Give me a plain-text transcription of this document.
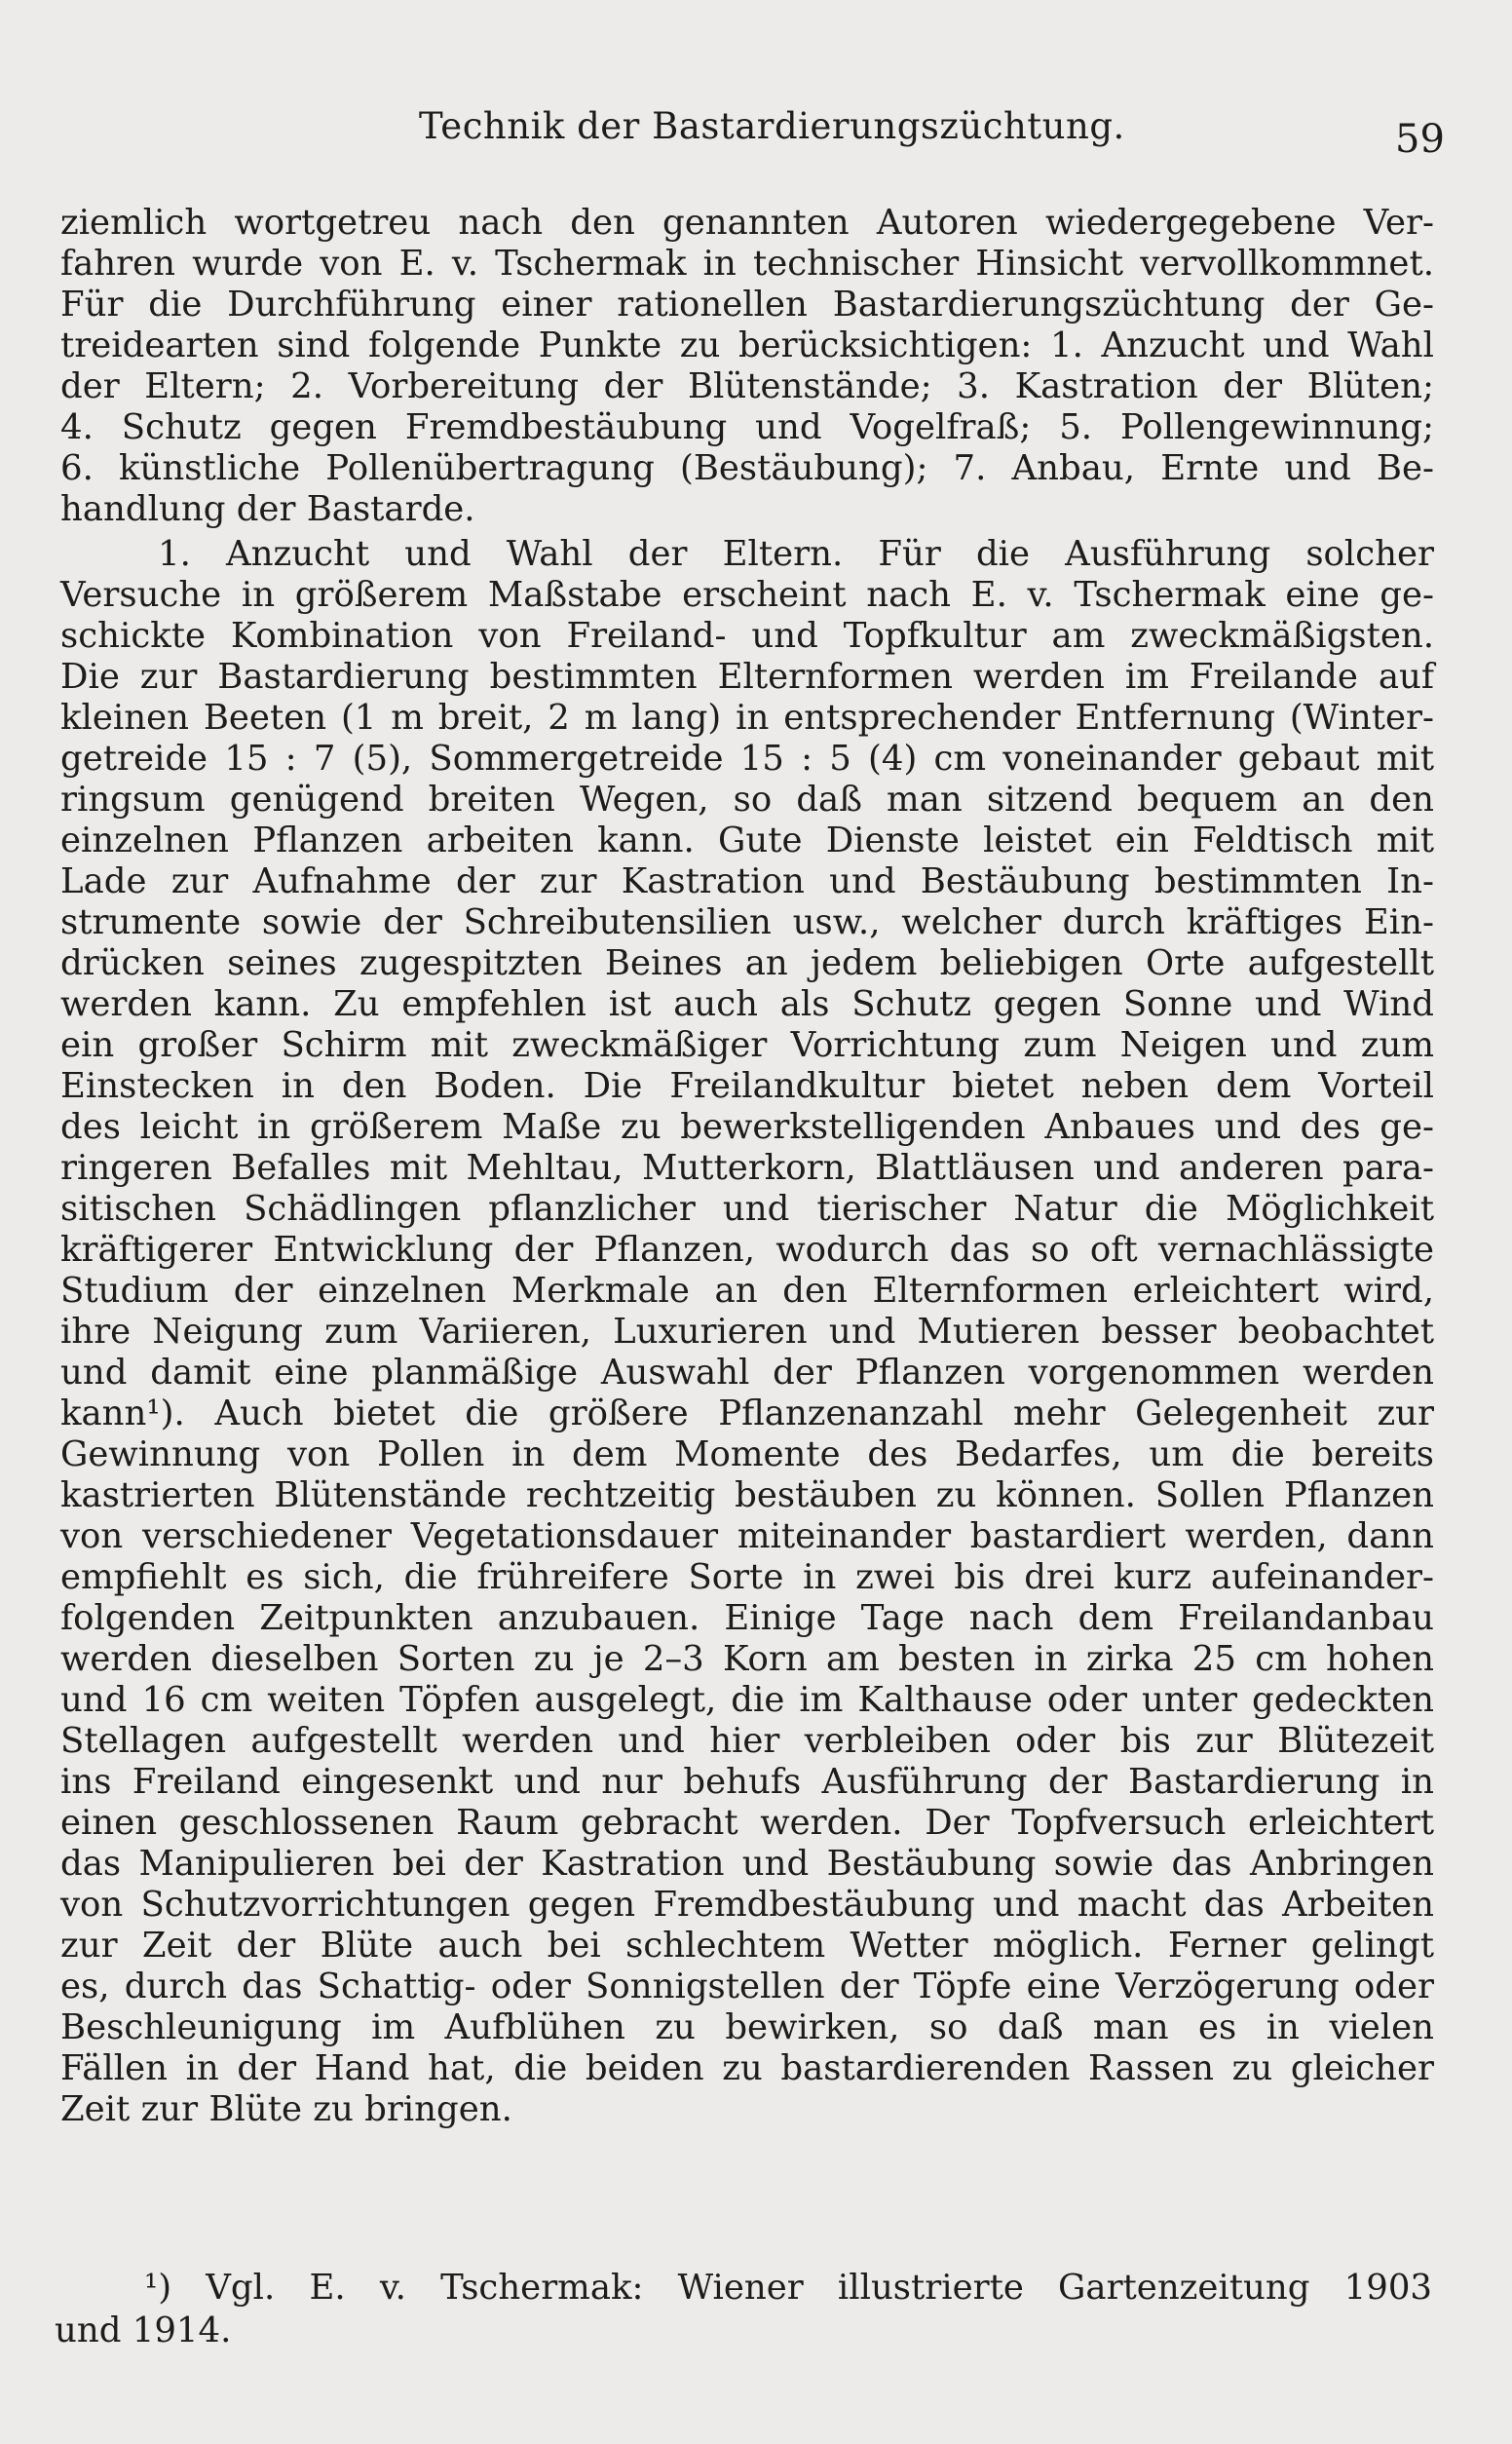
Technik der Bastardierungszüchtung.	59
ziemlich wortgetreu nach den genannten Autoren wiedergegebene Ver-
fahren wurde von E. v. Tschermak in technischer Hinsicht vervollkommnet.
Für die Durchführung einer rationellen Bastardierungszüchtung der Ge-
treidearten sind folgende Punkte zu berücksichtigen: 1. Anzucht und Wahl
der Eltern; 2. Vorbereitung der Blütenstände; 3. Kastration der Blüten;
4. Schutz gegen Fremdbestäubung und Vogelfraß; 5. Pollengewinnung;
6. künstliche Pollenübertragung (Bestäubung); 7. Anbau, Ernte und Be-
handlung der Bastarde.
1. Anzucht und Wahl der Eltern. Für die Ausführung solcher
Versuche in größerem Maßstabe erscheint nach E. v. Tschermak eine ge-
schickte Kombination von Freiland- und Topfkultur am zweckmäßigsten.
Die zur Bastardierung bestimmten Elternformen werden im Freilande auf
kleinen Beeten (1 m breit, 2 m lang) in entsprechender Entfernung (Winter-
getreide 15 : 7 (5), Sommergetreide 15 : 5 (4) cm voneinander gebaut mit
ringsum genügend breiten Wegen, so daß man sitzend bequem an den
einzelnen Pflanzen arbeiten kann. Gute Dienste leistet ein Feldtisch mit
Lade zur Aufnahme der zur Kastration und Bestäubung bestimmten In-
strumente sowie der Schreibutensilien usw., welcher durch kräftiges Ein-
drücken seines zugespitzten Beines an jedem beliebigen Orte aufgestellt
werden kann. Zu empfehlen ist auch als Schutz gegen Sonne und Wind
ein großer Schirm mit zweckmäßiger Vorrichtung zum Neigen und zum
Einstecken in den Boden. Die Freilandkultur bietet neben dem Vorteil
des leicht in größerem Maße zu bewerkstelligenden Anbaues und des ge-
ringeren Befalles mit Mehltau, Mutterkorn, Blattläusen und anderen para-
sitischen Schädlingen pflanzlicher und tierischer Natur die Möglichkeit
kräftigerer Entwicklung der Pflanzen, wodurch das so oft vernachlässigte
Studium der einzelnen Merkmale an den Elternformen erleichtert wird,
ihre Neigung zum Variieren, Luxurieren und Mutieren besser beobachtet
und damit eine planmäßige Auswahl der Pflanzen vorgenommen werden
kann¹). Auch bietet die größere Pflanzenanzahl mehr Gelegenheit zur
Gewinnung von Pollen in dem Momente des Bedarfes, um die bereits
kastrierten Blütenstände rechtzeitig bestäuben zu können. Sollen Pflanzen
von verschiedener Vegetationsdauer miteinander bastardiert werden, dann
empfiehlt es sich, die frühreifere Sorte in zwei bis drei kurz aufeinander-
folgenden Zeitpunkten anzubauen. Einige Tage nach dem Freilandanbau
werden dieselben Sorten zu je 2–3 Korn am besten in zirka 25 cm hohen
und 16 cm weiten Töpfen ausgelegt, die im Kalthause oder unter gedeckten
Stellagen aufgestellt werden und hier verbleiben oder bis zur Blütezeit
ins Freiland eingesenkt und nur behufs Ausführung der Bastardierung in
einen geschlossenen Raum gebracht werden. Der Topfversuch erleichtert
das Manipulieren bei der Kastration und Bestäubung sowie das Anbringen
von Schutzvorrichtungen gegen Fremdbestäubung und macht das Arbeiten
zur Zeit der Blüte auch bei schlechtem Wetter möglich. Ferner gelingt
es, durch das Schattig- oder Sonnigstellen der Töpfe eine Verzögerung oder
Beschleunigung im Aufblühen zu bewirken, so daß man es in vielen
Fällen in der Hand hat, die beiden zu bastardierenden Rassen zu gleicher
Zeit zur Blüte zu bringen.
¹) Vgl. E. v. Tschermak: Wiener illustrierte Gartenzeitung 1903
und 1914.
